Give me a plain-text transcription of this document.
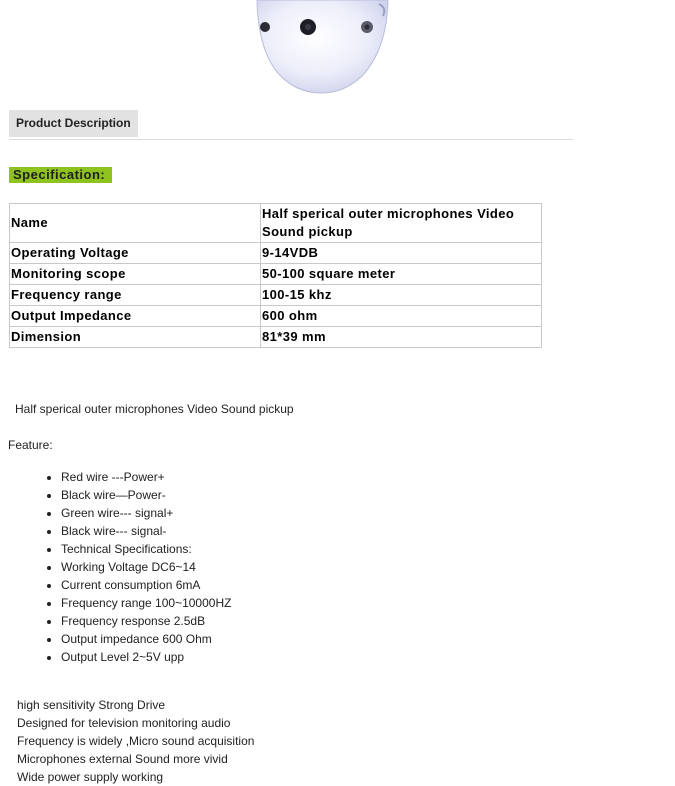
Product Description
Specification:
Name	Half sperical outer microphones Video Sound pickup
Operating Voltage	9-14VDB
Monitoring scope	50-100 square meter
Frequency range	100-15 khz
Output Impedance	600 ohm
Dimension	81*39 mm
Half sperical outer microphones Video Sound pickup
Feature:
• Red wire ---Power+
• Black wire—Power-
• Green wire--- signal+
• Black wire--- signal-
• Technical Specifications:
• Working Voltage DC6~14
• Current consumption 6mA
• Frequency range 100~10000HZ
• Frequency response 2.5dB
• Output impedance 600 Ohm
• Output Level 2~5V upp
high sensitivity Strong Drive
Designed for television monitoring audio
Frequency is widely ,Micro sound acquisition
Microphones external Sound more vivid
Wide power supply working
